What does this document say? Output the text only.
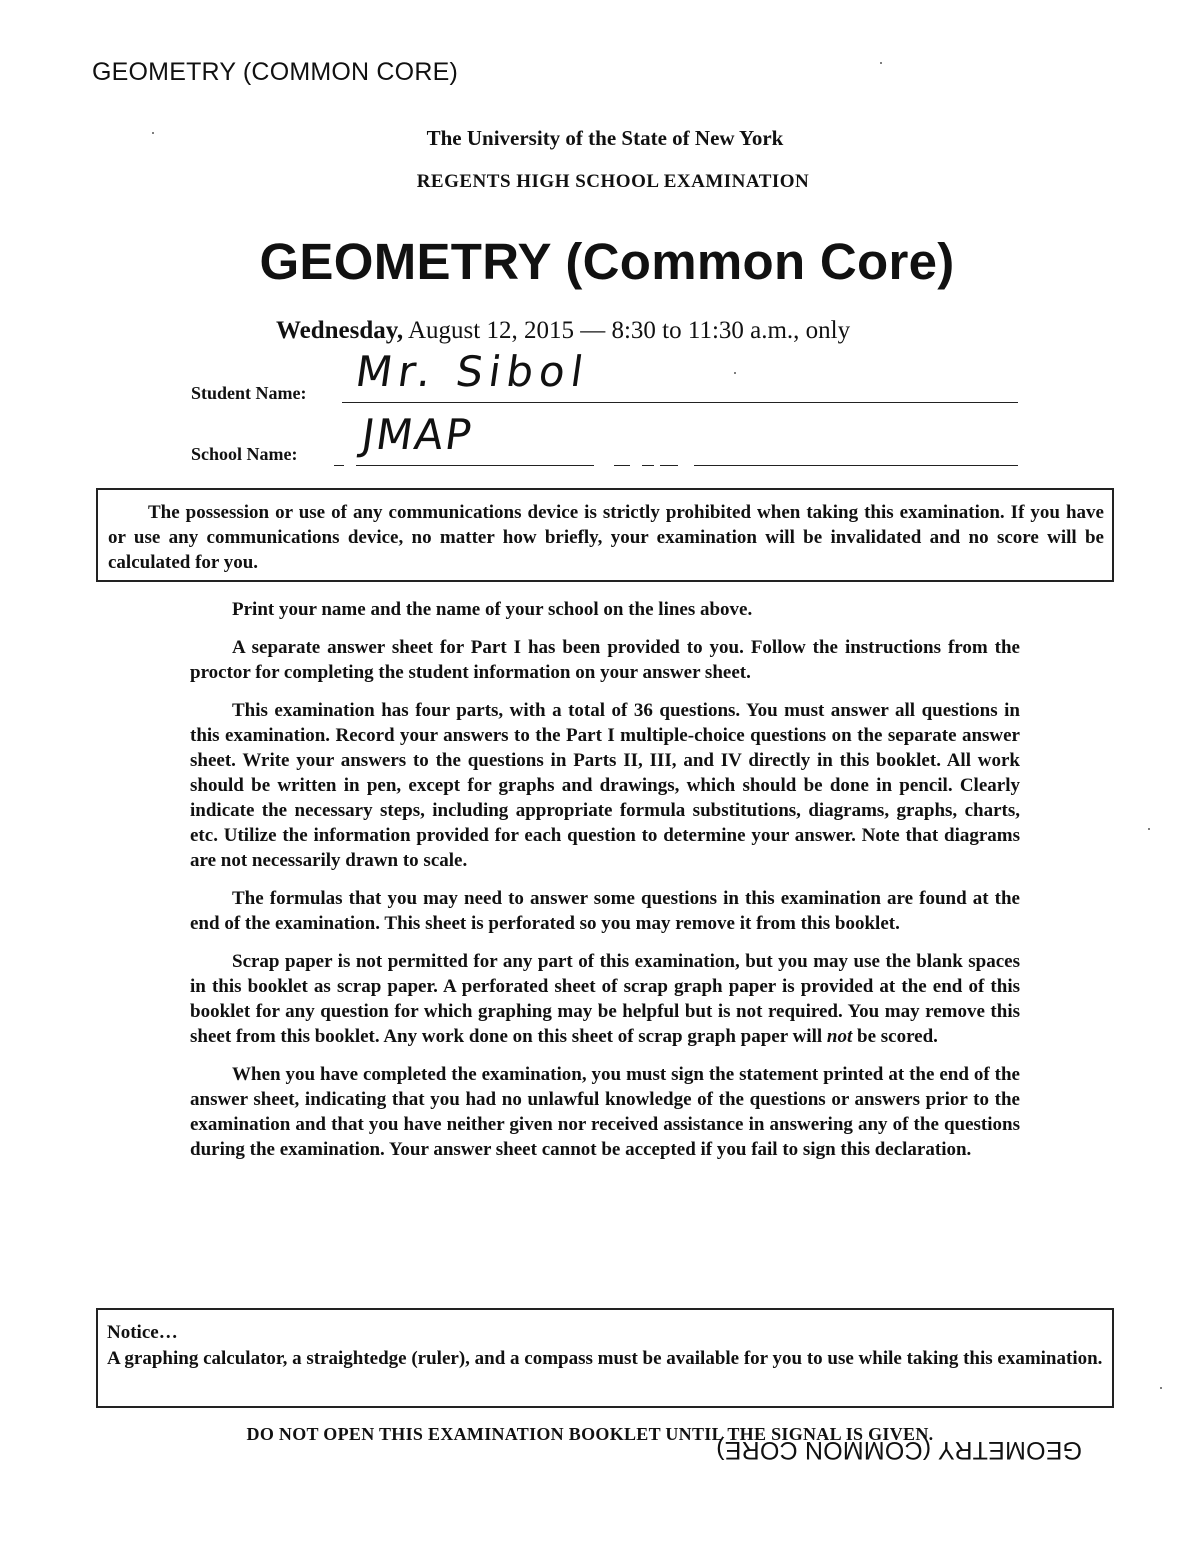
GEOMETRY (COMMON CORE)
The University of the State of New York
REGENTS HIGH SCHOOL EXAMINATION
GEOMETRY (Common Core)
Wednesday, August 12, 2015 — 8:30 to 11:30 a.m., only
Student Name: Mr. Sibol
School Name: JMAP
The possession or use of any communications device is strictly prohibited when taking this examination. If you have or use any communications device, no matter how briefly, your examination will be invalidated and no score will be calculated for you.

Print your name and the name of your school on the lines above.

A separate answer sheet for Part I has been provided to you. Follow the instructions from the proctor for completing the student information on your answer sheet.

This examination has four parts, with a total of 36 questions. You must answer all questions in this examination. Record your answers to the Part I multiple-choice questions on the separate answer sheet. Write your answers to the questions in Parts II, III, and IV directly in this booklet. All work should be written in pen, except for graphs and drawings, which should be done in pencil. Clearly indicate the necessary steps, including appropriate formula substitutions, diagrams, graphs, charts, etc. Utilize the information provided for each question to determine your answer. Note that diagrams are not necessarily drawn to scale.

The formulas that you may need to answer some questions in this examination are found at the end of the examination. This sheet is perforated so you may remove it from this booklet.

Scrap paper is not permitted for any part of this examination, but you may use the blank spaces in this booklet as scrap paper. A perforated sheet of scrap graph paper is provided at the end of this booklet for any question for which graphing may be helpful but is not required. You may remove this sheet from this booklet. Any work done on this sheet of scrap graph paper will not be scored.

When you have completed the examination, you must sign the statement printed at the end of the answer sheet, indicating that you had no unlawful knowledge of the questions or answers prior to the examination and that you have neither given nor received assistance in answering any of the questions during the examination. Your answer sheet cannot be accepted if you fail to sign this declaration.

Notice…
A graphing calculator, a straightedge (ruler), and a compass must be available for you to use while taking this examination.
DO NOT OPEN THIS EXAMINATION BOOKLET UNTIL THE SIGNAL IS GIVEN.
GEOMETRY (COMMON CORE)
